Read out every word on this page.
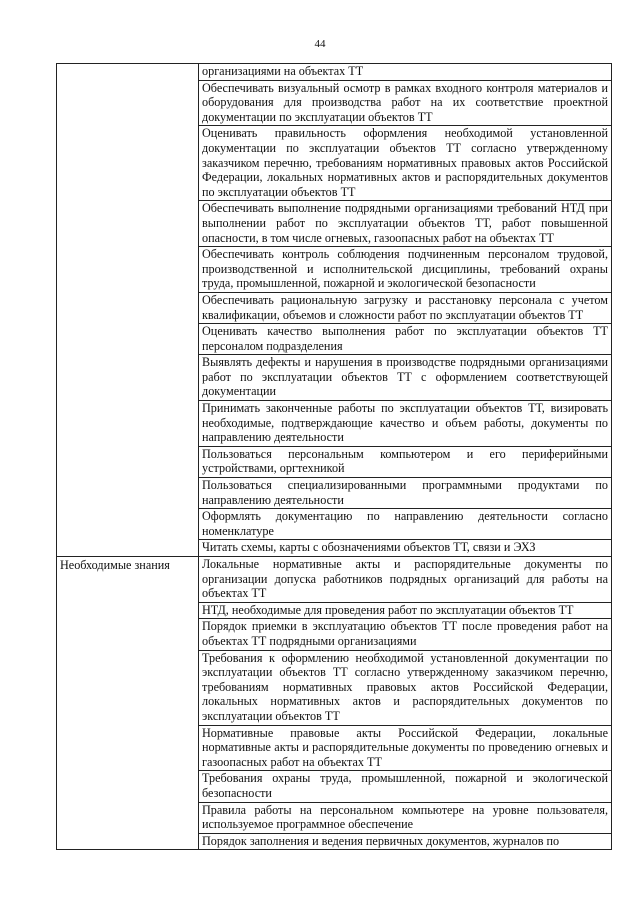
44
	организациями на объектах ТТ
	Обеспечивать визуальный осмотр в рамках входного контроля материалов и оборудования для производства работ на их соответствие проектной документации по эксплуатации объектов ТТ
	Оценивать правильность оформления необходимой установленной документации по эксплуатации объектов ТТ согласно утвержденному заказчиком перечню, требованиям нормативных правовых актов Российской Федерации, локальных нормативных актов и распорядительных документов по эксплуатации объектов ТТ
	Обеспечивать выполнение подрядными организациями требований НТД при выполнении работ по эксплуатации объектов ТТ, работ повышенной опасности, в том числе огневых, газоопасных работ на объектах ТТ
	Обеспечивать контроль соблюдения подчиненным персоналом трудовой, производственной и исполнительской дисциплины, требований охраны труда, промышленной, пожарной и экологической безопасности
	Обеспечивать рациональную загрузку и расстановку персонала с учетом квалификации, объемов и сложности работ по эксплуатации объектов ТТ
	Оценивать качество выполнения работ по эксплуатации объектов ТТ персоналом подразделения
	Выявлять дефекты и нарушения в производстве подрядными организациями работ по эксплуатации объектов ТТ с оформлением соответствующей документации
	Принимать законченные работы по эксплуатации объектов ТТ, визировать необходимые, подтверждающие качество и объем работы, документы по направлению деятельности
	Пользоваться персональным компьютером и его периферийными устройствами, оргтехникой
	Пользоваться специализированными программными продуктами по направлению деятельности
	Оформлять документацию по направлению деятельности согласно номенклатуре
	Читать схемы, карты с обозначениями объектов ТТ, связи и ЭХЗ

Необходимые знания	Локальные нормативные акты и распорядительные документы по организации допуска работников подрядных организаций для работы на объектах ТТ
	НТД, необходимые для проведения работ по эксплуатации объектов ТТ
	Порядок приемки в эксплуатацию объектов ТТ после проведения работ на объектах ТТ подрядными организациями
	Требования к оформлению необходимой установленной документации по эксплуатации объектов ТТ согласно утвержденному заказчиком перечню, требованиям нормативных правовых актов Российской Федерации, локальных нормативных актов и распорядительных документов по эксплуатации объектов ТТ
	Нормативные правовые акты Российской Федерации, локальные нормативные акты и распорядительные документы по проведению огневых и газоопасных работ на объектах ТТ
	Требования охраны труда, промышленной, пожарной и экологической безопасности
	Правила работы на персональном компьютере на уровне пользователя, используемое программное обеспечение
	Порядок заполнения и ведения первичных документов, журналов по
